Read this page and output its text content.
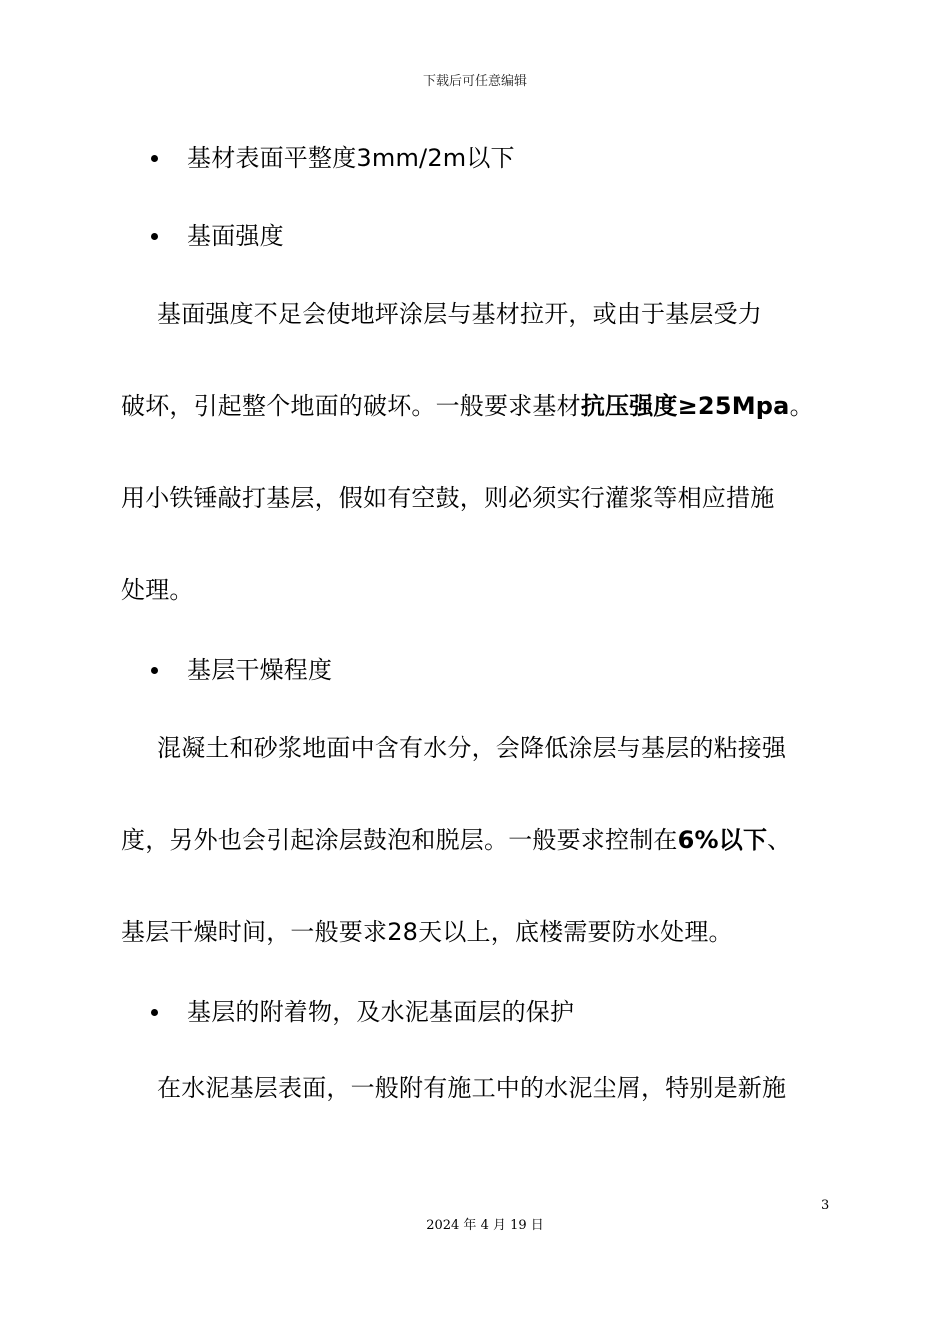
下载后可任意编辑
基材表面平整度3mm/2m以下
基面强度
基面强度不足会使地坪涂层与基材拉开，或由于基层受力
破坏，引起整个地面的破坏。一般要求基材抗压强度≥25Mpa。
用小铁锤敲打基层，假如有空鼓，则必须实行灌浆等相应措施
处理。
基层干燥程度
混凝土和砂浆地面中含有水分，会降低涂层与基层的粘接强
度，另外也会引起涂层鼓泡和脱层。一般要求控制在6%以下、
基层干燥时间，一般要求28天以上，底楼需要防水处理。
基层的附着物，及水泥基面层的保护
在水泥基层表面，一般附有施工中的水泥尘屑，特别是新施
3
2024 年 4 月 19 日
